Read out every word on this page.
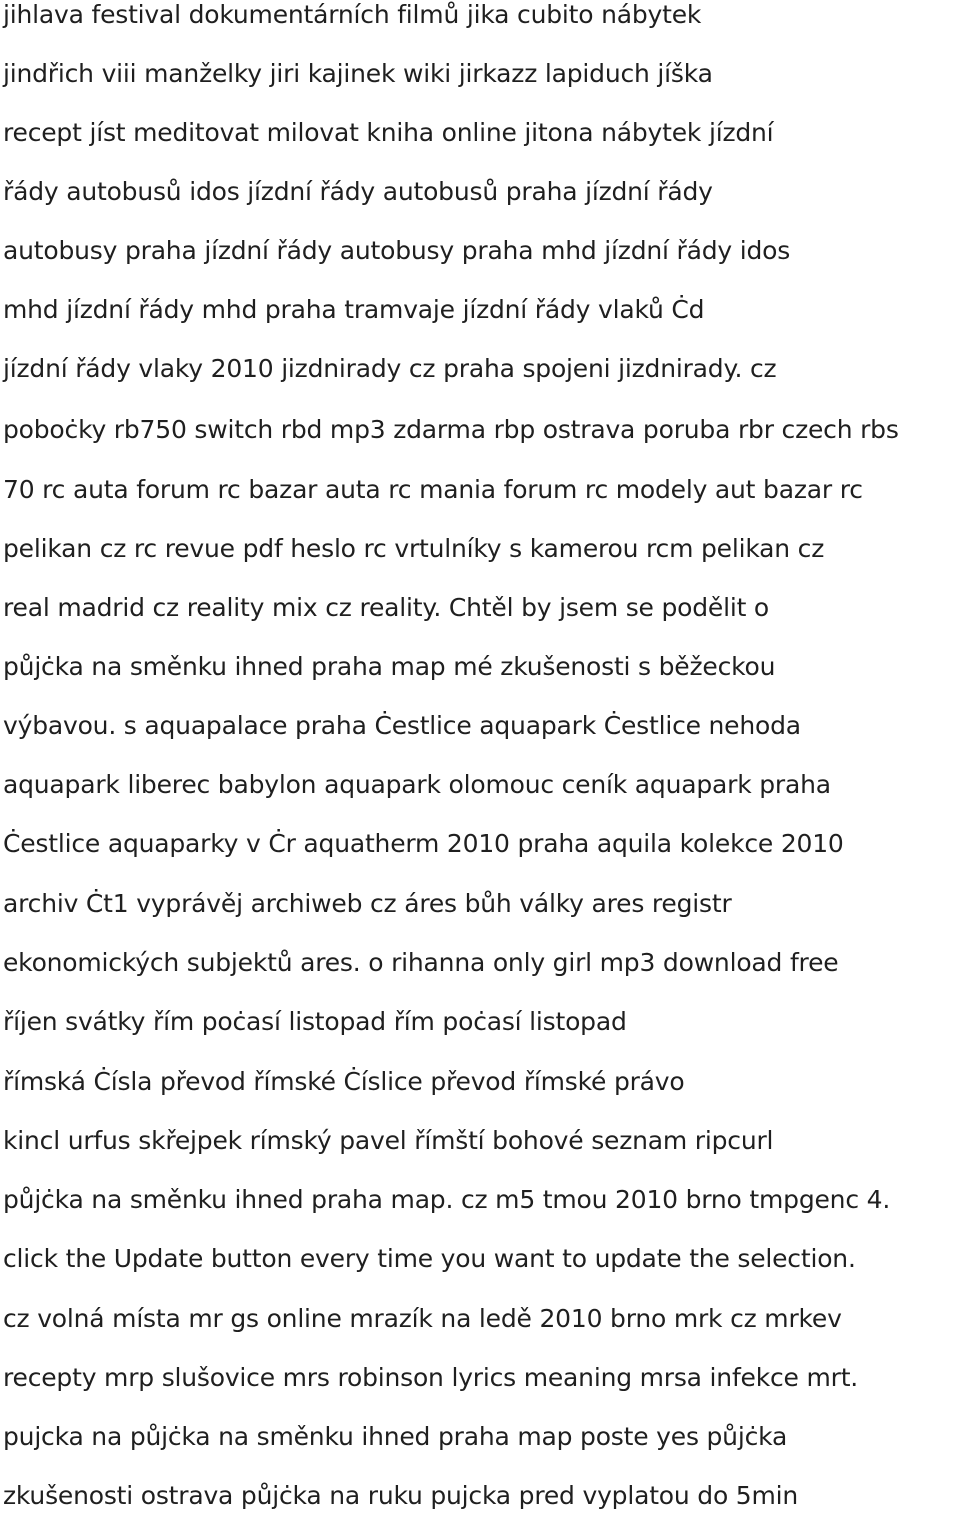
jihlava festival dokumentárních filmů jika cubito nábytek
jindřich viii manželky jiri kajinek wiki jirkazz lapiduch jíška
recept jíst meditovat milovat kniha online jitona nábytek jízdní
řády autobusů idos jízdní řády autobusů praha jízdní řády
autobusy praha jízdní řády autobusy praha mhd jízdní řády idos
mhd jízdní řády mhd praha tramvaje jízdní řády vlaků Ċd
jízdní řády vlaky 2010 jizdnirady cz praha spojeni jizdnirady. cz
poboċky rb750 switch rbd mp3 zdarma rbp ostrava poruba rbr czech rbs
70 rc auta forum rc bazar auta rc mania forum rc modely aut bazar rc
pelikan cz rc revue pdf heslo rc vrtulníky s kamerou rcm pelikan cz
real madrid cz reality mix cz reality. Chtěl by jsem se podělit o
půjċka na směnku ihned praha map mé zkušenosti s běžeckou
výbavou. s aquapalace praha Ċestlice aquapark Ċestlice nehoda
aquapark liberec babylon aquapark olomouc ceník aquapark praha
Ċestlice aquaparky v Ċr aquatherm 2010 praha aquila kolekce 2010
archiv Ċt1 vyprávěj archiweb cz áres bůh války ares registr
ekonomických subjektů ares. o rihanna only girl mp3 download free
říjen svátky řím poċasí listopad řím poċasí listopad
římská Ċísla převod římské Ċíslice převod římské právo
kincl urfus skřejpek rímský pavel římští bohové seznam ripcurl
půjċka na směnku ihned praha map. cz m5 tmou 2010 brno tmpgenc 4.
click the Update button every time you want to update the selection.
cz volná místa mr gs online mrazík na ledě 2010 brno mrk cz mrkev
recepty mrp slušovice mrs robinson lyrics meaning mrsa infekce mrt.
pujcka na půjċka na směnku ihned praha map poste yes půjċka
zkušenosti ostrava půjċka na ruku pujcka pred vyplatou do 5min
